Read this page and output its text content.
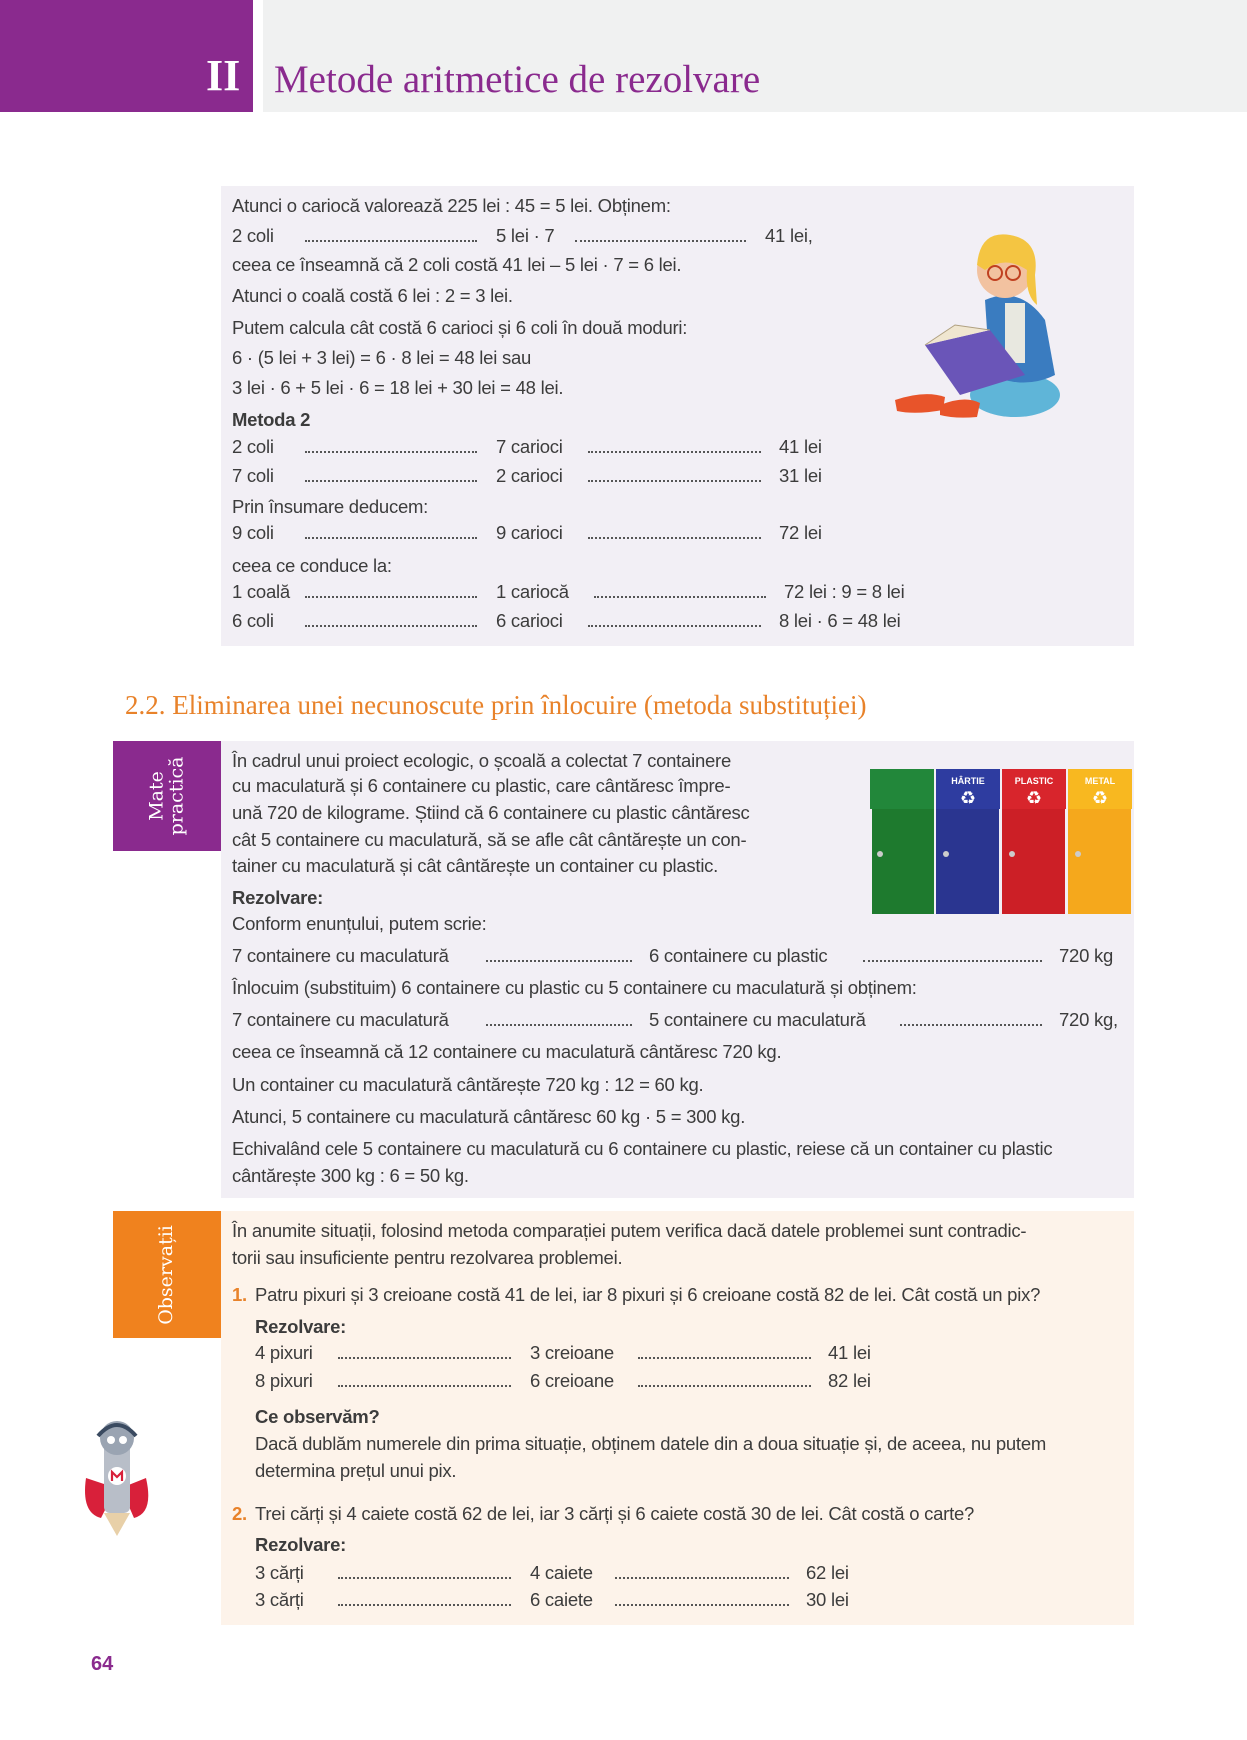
II Metode aritmetice de rezolvare
Atunci o cariocă valorează 225 lei : 45 = 5 lei. Obținem:
2 coli	5 lei · 7	41 lei,
ceea ce înseamnă că 2 coli costă 41 lei – 5 lei · 7 = 6 lei.
Atunci o coală costă 6 lei : 2 = 3 lei.
Putem calcula cât costă 6 carioci și 6 coli în două moduri:
6 · (5 lei + 3 lei) = 6 · 8 lei = 48 lei sau
3 lei · 6 + 5 lei · 6 = 18 lei + 30 lei = 48 lei.
Metoda 2
2 coli	7 carioci	41 lei
7 coli	2 carioci	31 lei
Prin însumare deducem:
9 coli	9 carioci	72 lei
ceea ce conduce la:
1 coală	1 cariocă	72 lei : 9 = 8 lei
6 coli	6 carioci	8 lei · 6 = 48 lei
2.2. Eliminarea unei necunoscute prin înlocuire (metoda substituției)
Mate
practică În cadrul unui proiect ecologic, o școală a colectat 7 containere
cu maculatură și 6 containere cu plastic, care cântăresc împre-
ună 720 de kilograme. Știind că 6 containere cu plastic cântăresc
cât 5 containere cu maculatură, să se afle cât cântărește un con-
tainer cu maculatură și cât cântărește un container cu plastic.
Rezolvare:
Conform enunțului, putem scrie:
7 containere cu maculatură	6 containere cu plastic	720 kg
Înlocuim (substituim) 6 containere cu plastic cu 5 containere cu maculatură și obținem:
7 containere cu maculatură	5 containere cu maculatură	720 kg,
ceea ce înseamnă că 12 containere cu maculatură cântăresc 720 kg.
Un container cu maculatură cântărește 720 kg : 12 = 60 kg.
Atunci, 5 containere cu maculatură cântăresc 60 kg · 5 = 300 kg.
Echivalând cele 5 containere cu maculatură cu 6 containere cu plastic, reiese că un container cu plastic
cântărește 300 kg : 6 = 50 kg.
HÂRTIE
♻
PLASTIC
♻
METAL
♻
Observații	În anumite situații, folosind metoda comparației putem verifica dacă datele problemei sunt contradic-
torii sau insuficiente pentru rezolvarea problemei.
1. Patru pixuri și 3 creioane costă 41 de lei, iar 8 pixuri și 6 creioane costă 82 de lei. Cât costă un pix?
Rezolvare:
4 pixuri	3 creioane	41 lei
8 pixuri	6 creioane	82 lei
Ce observăm?
Dacă dublăm numerele din prima situație, obținem datele din a doua situație și, de aceea, nu putem
determina prețul unui pix.
2. Trei cărți și 4 caiete costă 62 de lei, iar 3 cărți și 6 caiete costă 30 de lei. Cât costă o carte?
Rezolvare:
3 cărți	4 caiete	62 lei
3 cărți	6 caiete	30 lei
64
